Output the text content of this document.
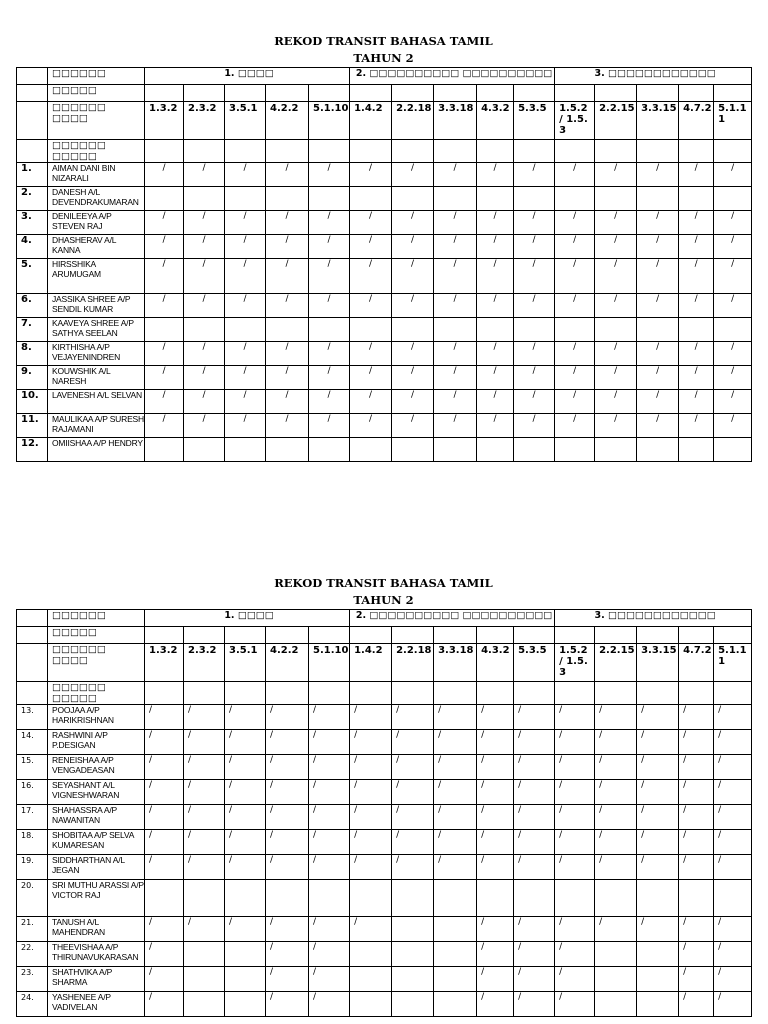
REKOD TRANSIT BAHASA TAMIL
TAHUN 2
	□□□□□□	1. □□□□					2. □□□□□□□□□□ □□□□□□□□□□					3. □□□□□□□□□□□□				
	□□□□□															
	□□□□□□ □□□□	1.3.2	2.3.2	3.5.1	4.2.2	5.1.10	1.4.2	2.2.18	3.3.18	4.3.2	5.3.5	1.5.2 / 1.5.3	2.2.15	3.3.15	4.7.2	5.1.11
	□□□□□□ □□□□□															
1.	AIMAN DANI BIN NIZARALI	/	/	/	/	/	/	/	/	/	/	/	/	/	/	/
2.	DANESH A/L DEVENDRAKUMARAN															
3.	DENILEEYA A/P STEVEN RAJ	/	/	/	/	/	/	/	/	/	/	/	/	/	/	/
4.	DHASHERAV A/L KANNA	/	/	/	/	/	/	/	/	/	/	/	/	/	/	/
5.	HIRSSHIKA ARUMUGAM	/	/	/	/	/	/	/	/	/	/	/	/	/	/	/
6.	JASSIKA SHREE A/P SENDIL KUMAR	/	/	/	/	/	/	/	/	/	/	/	/	/	/	/
7.	KAAVEYA SHREE A/P SATHYA SEELAN															
8.	KIRTHISHA A/P VEJAYENINDREN	/	/	/	/	/	/	/	/	/	/	/	/	/	/	/
9.	KOUWSHIK A/L NARESH	/	/	/	/	/	/	/	/	/	/	/	/	/	/	/
10.	LAVENESH A/L SELVAN	/	/	/	/	/	/	/	/	/	/	/	/	/	/	/
11.	MAULIKAA A/P SURESH RAJAMANI	/	/	/	/	/	/	/	/	/	/	/	/	/	/	/
12.	OMIISHAA A/P HENDRY															
REKOD TRANSIT BAHASA TAMIL
TAHUN 2
	□□□□□□	1. □□□□					2. □□□□□□□□□□ □□□□□□□□□□					3. □□□□□□□□□□□□				
	□□□□□															
	□□□□□□ □□□□	1.3.2	2.3.2	3.5.1	4.2.2	5.1.10	1.4.2	2.2.18	3.3.18	4.3.2	5.3.5	1.5.2 / 1.5.3	2.2.15	3.3.15	4.7.2	5.1.11
	□□□□□□ □□□□□															
13.	POOJAA A/P HARIKRISHNAN	/	/	/	/	/	/	/	/	/	/	/	/	/	/	/
14.	RASHWINI A/P P.DESIGAN	/	/	/	/	/	/	/	/	/	/	/	/	/	/	/
15.	RENEISHAA A/P VENGADEASAN	/	/	/	/	/	/	/	/	/	/	/	/	/	/	/
16.	SEYASHANT A/L VIGNESHWARAN	/	/	/	/	/	/	/	/	/	/	/	/	/	/	/
17.	SHAHASSRA A/P NAWANITAN	/	/	/	/	/	/	/	/	/	/	/	/	/	/	/
18.	SHOBITAA A/P SELVA KUMARESAN	/	/	/	/	/	/	/	/	/	/	/	/	/	/	/
19.	SIDDHARTHAN A/L JEGAN	/	/	/	/	/	/	/	/	/	/	/	/	/	/	/
20.	SRI MUTHU ARASSI A/P VICTOR RAJ															
21.	TANUSH A/L MAHENDRAN	/	/	/	/	/	/			/	/	/	/	/	/	/
22.	THEEVISHAA A/P THIRUNAVUKARASAN	/			/	/				/	/	/			/	/
23.	SHATHVIKA A/P SHARMA	/			/	/				/	/	/			/	/
24.	YASHENEE A/P VADIVELAN	/			/	/				/	/	/			/	/
